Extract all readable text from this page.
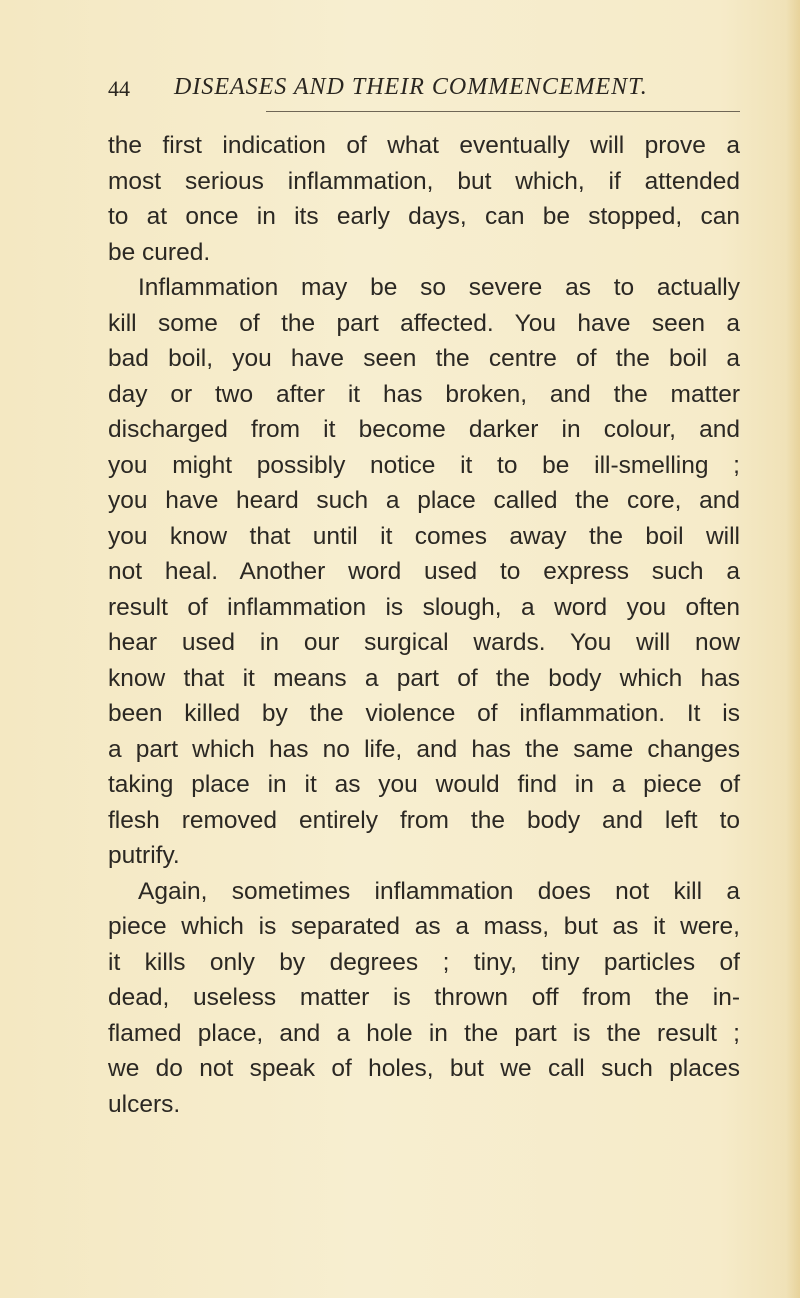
44 DISEASES AND THEIR COMMENCEMENT.
the first indication of what eventually will prove a
most serious inflammation, but which, if attended
to at once in its early days, can be stopped, can
be cured.
Inflammation may be so severe as to actually
kill some of the part affected. You have seen a
bad boil, you have seen the centre of the boil a
day or two after it has broken, and the matter
discharged from it become darker in colour, and
you might possibly notice it to be ill-smelling ;
you have heard such a place called the core, and
you know that until it comes away the boil will
not heal. Another word used to express such a
result of inflammation is slough, a word you often
hear used in our surgical wards. You will now
know that it means a part of the body which has
been killed by the violence of inflammation. It is
a part which has no life, and has the same changes
taking place in it as you would find in a piece of
flesh removed entirely from the body and left to
putrify.
Again, sometimes inflammation does not kill a
piece which is separated as a mass, but as it were,
it kills only by degrees ; tiny, tiny particles of
dead, useless matter is thrown off from the in-
flamed place, and a hole in the part is the result ;
we do not speak of holes, but we call such places
ulcers.
